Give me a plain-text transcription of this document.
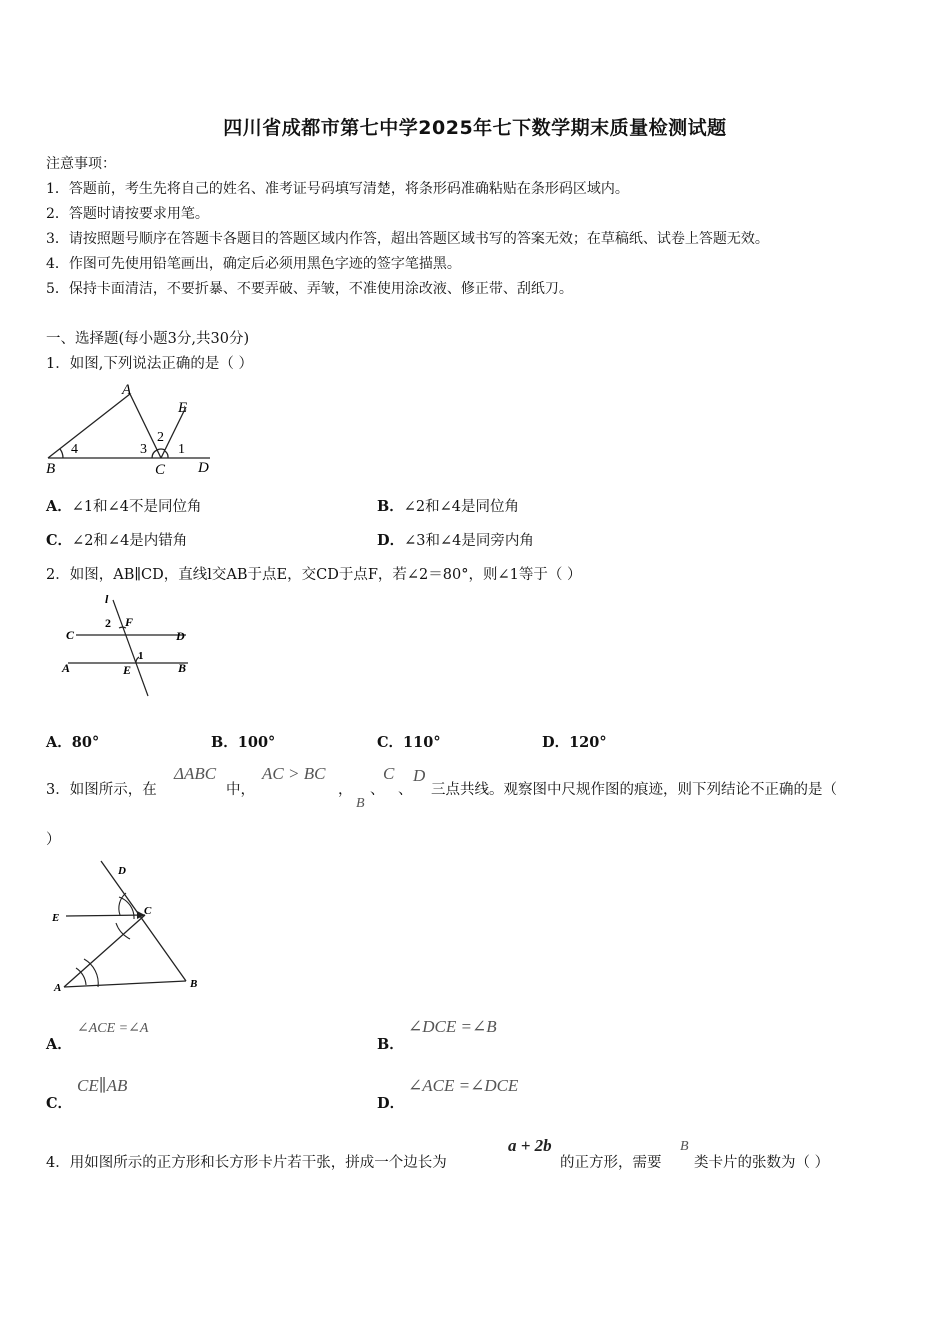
四川省成都市第七中学2025年七下数学期末质量检测试题
注意事项：
1．答题前，考生先将自己的姓名、准考证号码填写清楚，将条形码准确粘贴在条形码区域内。
2．答题时请按要求用笔。
3．请按照题号顺序在答题卡各题目的答题区域内作答，超出答题区域书写的答案无效；在草稿纸、试卷上答题无效。
4．作图可先使用铅笔画出，确定后必须用黑色字迹的签字笔描黑。
5．保持卡面清洁，不要折暴、不要弄破、弄皱，不准使用涂改液、修正带、刮纸刀。
一、选择题(每小题3分,共30分)
1．如图,下列说法正确的是（ ）
A
B	C D
E
1
2
3
4
A．∠1和∠4不是同位角	B．∠2和∠4是同位角
C．∠2和∠4是内错角	D．∠3和∠4是同旁内角
2．如图，AB∥CD，直线l交AB于点E，交CD于点F，若∠2＝80°，则∠1等于（ ）
l
C	D
A	B
E
F
2
1
A．80°	B．100°	C．110°	D．120°
3．如图所示，在
ΔABC
中，
AC > BC
，
B
、
C
、
D
三点共线。观察图中尺规作图的痕迹，则下列结论不正确的是（
）
D
C
E
A	B
A．
∠ACE =∠A
B．
∠DCE =∠B
C．
CE∥AB
D．
∠ACE =∠DCE
4．用如图所示的正方形和长方形卡片若干张，拼成一个边长为
a + 2b
的正方形，需要
B
类卡片的张数为（ ）
